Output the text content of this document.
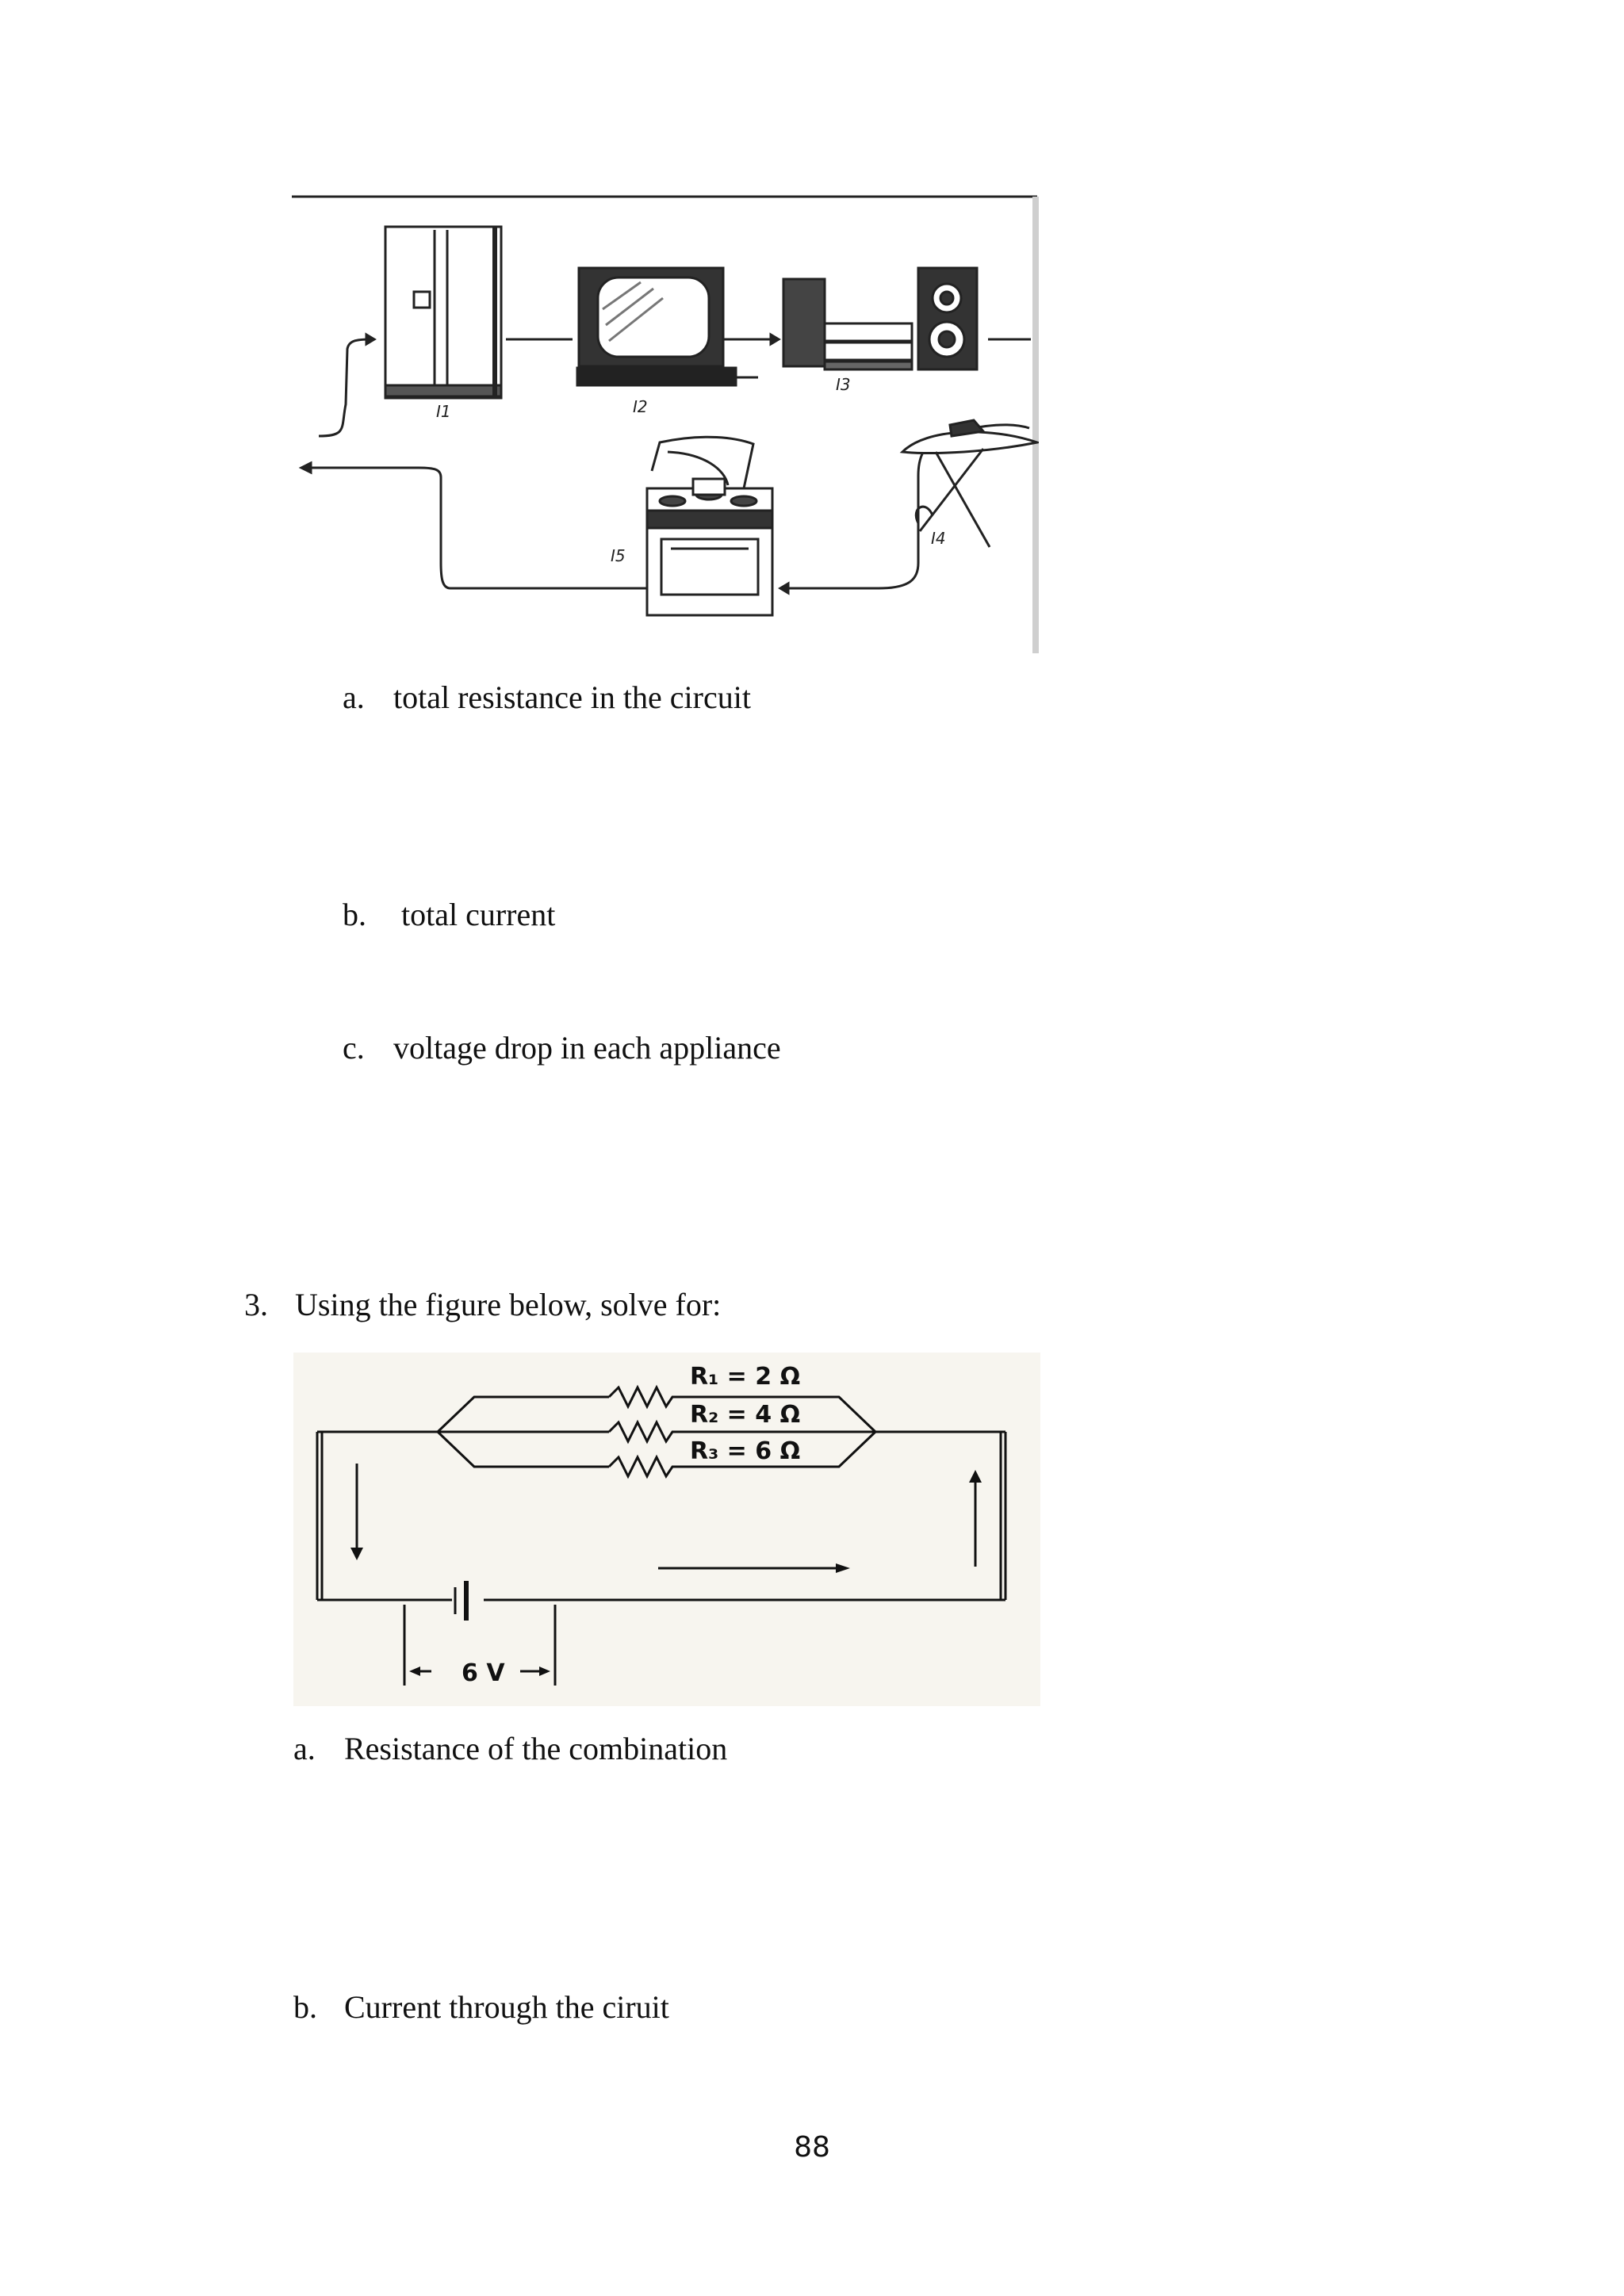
I1	I2
I3
I4
I5
a. total resistance in the circuit
b. total current
c. voltage drop in each appliance
3. Using the figure below, solve for:
R₁ = 2 Ω
R₂ = 4 Ω
R₃ = 6 Ω
6 V
a. Resistance of the combination
b. Current through the ciruit
88
